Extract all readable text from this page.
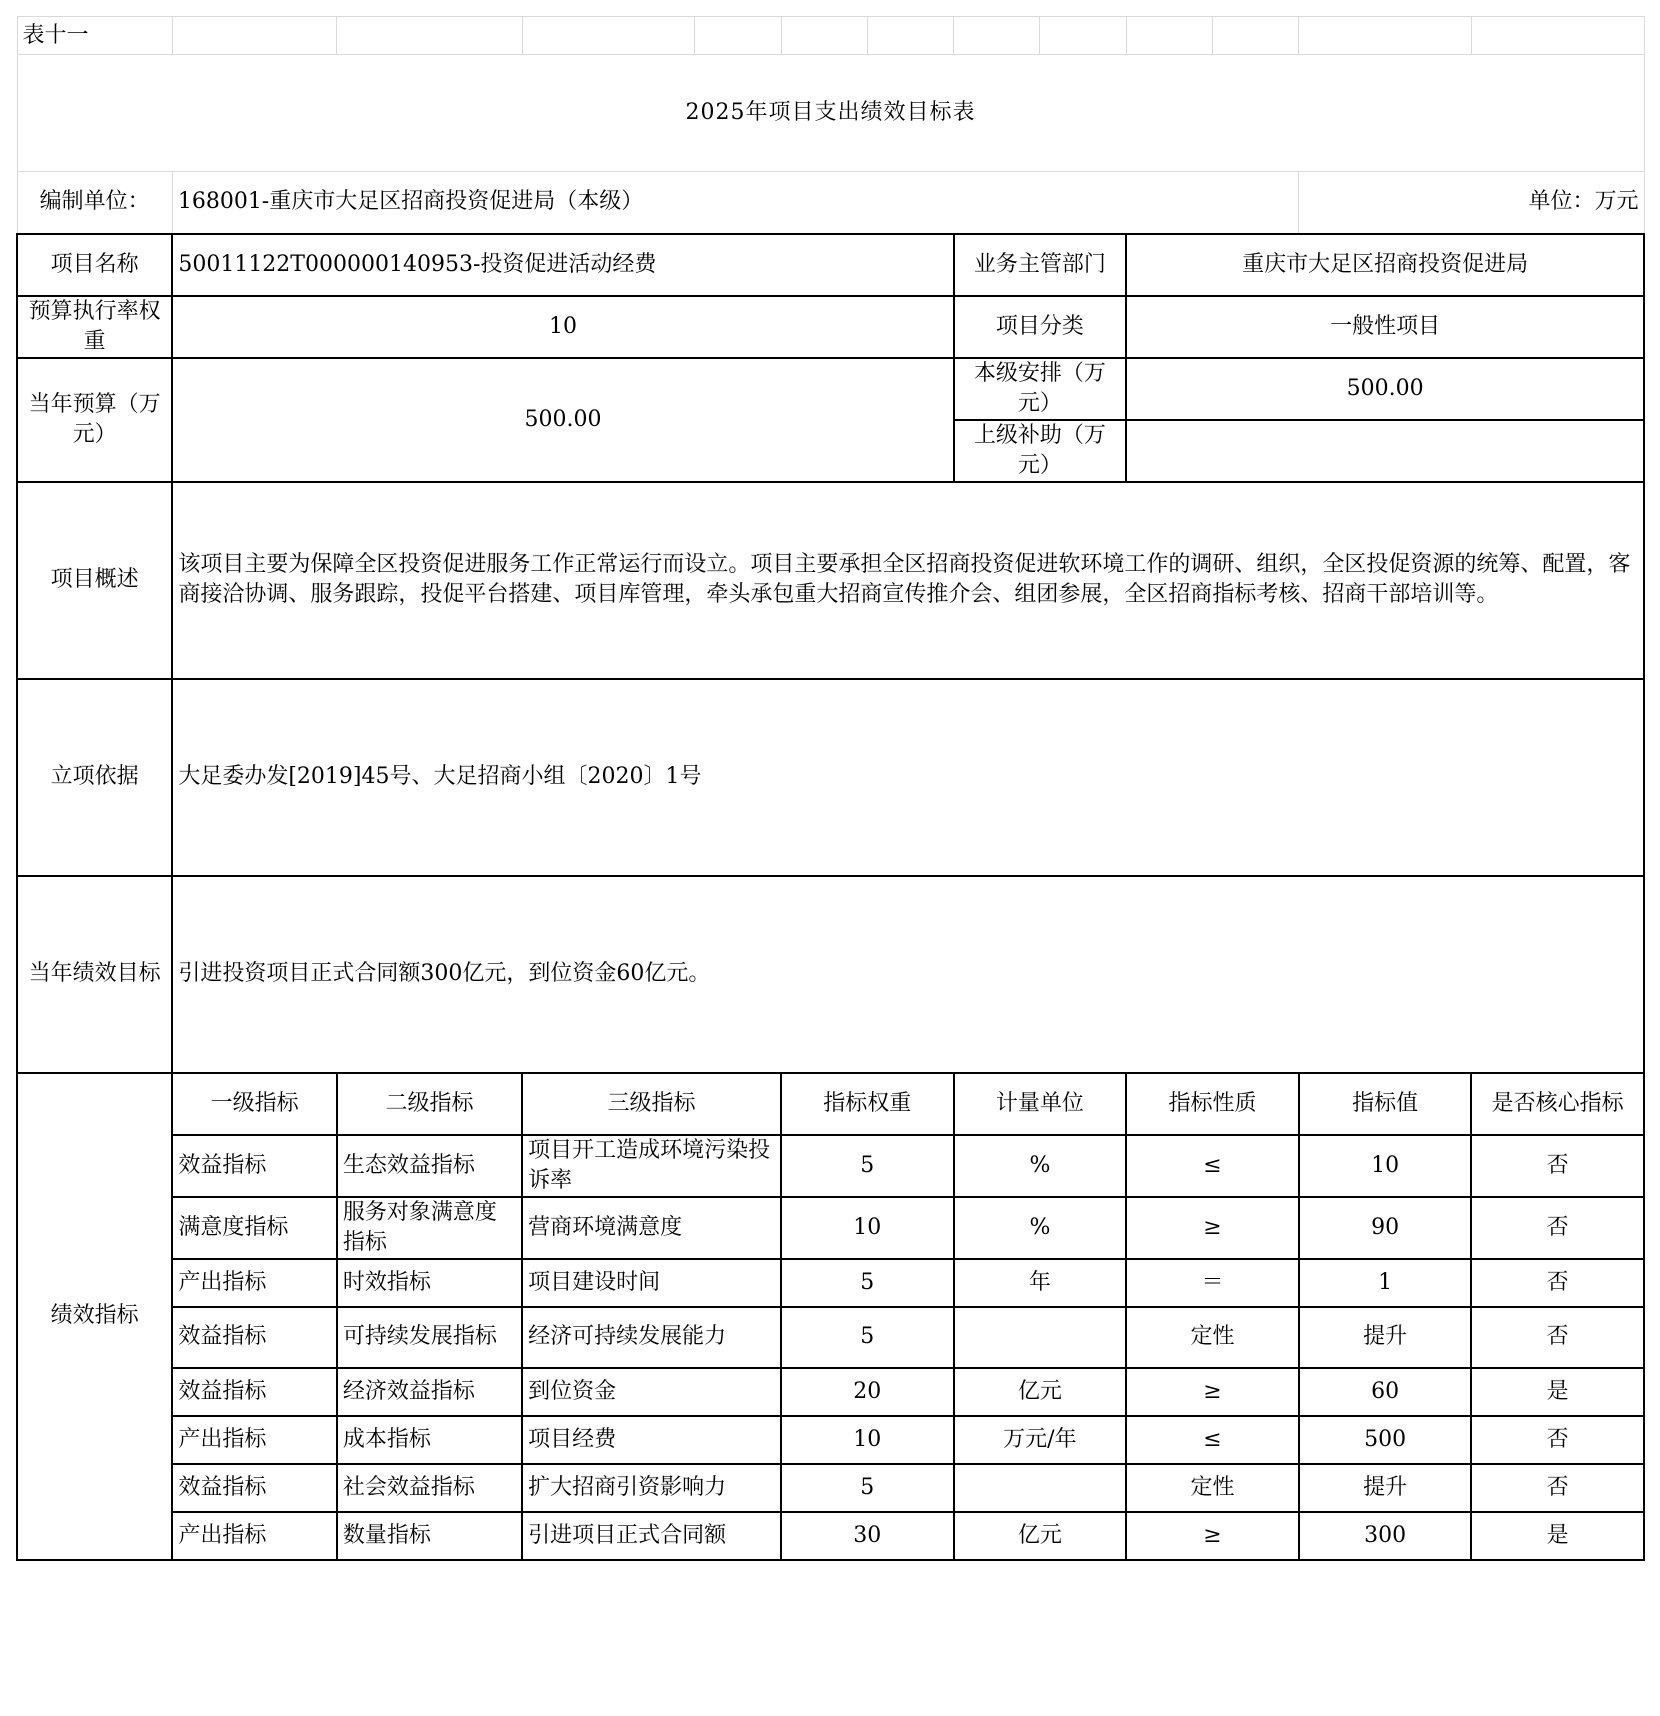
表十一												
2025年项目支出绩效目标表												
编制单位：	168001-重庆市大足区招商投资促进局（本级）										单位：万元	
项目名称	50011122T000000140953-投资促进活动经费						业务主管部门		重庆市大足区招商投资促进局			
预算执行率权重	10						项目分类		一般性项目			
当年预算（万元）	500.00						本级安排（万元）		500.00			
							上级补助（万元）					
项目概述	该项目主要为保障全区投资促进服务工作正常运行而设立。项目主要承担全区招商投资促进软环境工作的调研、组织，全区投促资源的统筹、配置，客商接洽协调、服务跟踪，投促平台搭建、项目库管理，牵头承包重大招商宣传推介会、组团参展，全区招商指标考核、招商干部培训等。											
立项依据	大足委办发[2019]45号、大足招商小组〔2020〕1号											
当年绩效目标	引进投资项目正式合同额300亿元，到位资金60亿元。											
绩效指标	一级指标	二级指标	三级指标		指标权重		计量单位		指标性质		指标值	是否核心指标
	效益指标	生态效益指标	项目开工造成环境污染投诉率		5		%		≤		10	否
	满意度指标	服务对象满意度指标	营商环境满意度		10		%		≥		90	否
	产出指标	时效指标	项目建设时间		5		年		＝		1	否
	效益指标	可持续发展指标	经济可持续发展能力		5				定性		提升	否
	效益指标	经济效益指标	到位资金		20		亿元		≥		60	是
	产出指标	成本指标	项目经费		10		万元/年		≤		500	否
	效益指标	社会效益指标	扩大招商引资影响力		5				定性		提升	否
	产出指标	数量指标	引进项目正式合同额		30		亿元		≥		300	是
